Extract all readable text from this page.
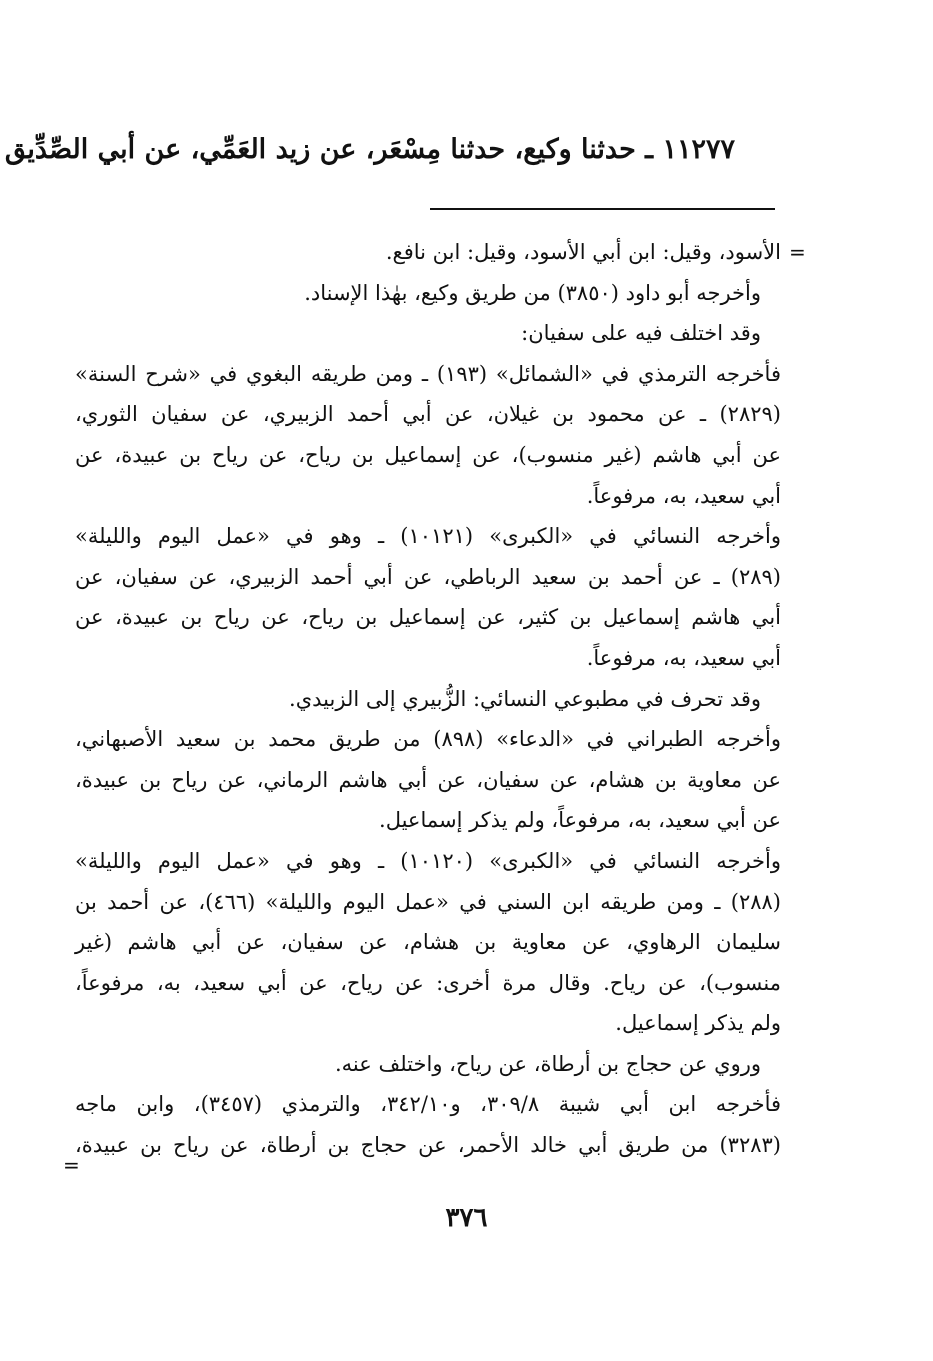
١١٢٧٧ ـ حدثنا وكيع، حدثنا مِسْعَر، عن زيد العَمِّي، عن أبي الصِّدِّيق
=
الأسود، وقيل: ابن أبي الأسود، وقيل: ابن نافع.
وأخرجه أبو داود (٣٨٥٠) من طريق وكيع، بهٰذا الإسناد.
وقد اختلف فيه على سفيان:
فأخرجه الترمذي في «الشمائل» (١٩٣) ـ ومن طريقه البغوي في «شرح السنة»
(٢٨٢٩) ـ عن محمود بن غيلان، عن أبي أحمد الزبيري، عن سفيان الثوري،
عن أبي هاشم (غير منسوب)، عن إسماعيل بن رياح، عن رياح بن عبيدة، عن
أبي سعيد، به، مرفوعاً.
وأخرجه النسائي في «الكبرى» (١٠١٢١) ـ وهو في «عمل اليوم والليلة»
(٢٨٩) ـ عن أحمد بن سعيد الرباطي، عن أبي أحمد الزبيري، عن سفيان، عن
أبي هاشم إسماعيل بن كثير، عن إسماعيل بن رياح، عن رياح بن عبيدة، عن
أبي سعيد، به، مرفوعاً.
وقد تحرف في مطبوعي النسائي: الزُّبيري إلى الزبيدي.
وأخرجه الطبراني في «الدعاء» (٨٩٨) من طريق محمد بن سعيد الأصبهاني،
عن معاوية بن هشام، عن سفيان، عن أبي هاشم الرماني، عن رياح بن عبيدة،
عن أبي سعيد، به، مرفوعاً، ولم يذكر إسماعيل.
وأخرجه النسائي في «الكبرى» (١٠١٢٠) ـ وهو في «عمل اليوم والليلة»
(٢٨٨) ـ ومن طريقه ابن السني في «عمل اليوم والليلة» (٤٦٦)، عن أحمد بن
سليمان الرهاوي، عن معاوية بن هشام، عن سفيان، عن أبي هاشم (غير
منسوب)، عن رياح. وقال مرة أخرى: عن رياح، عن أبي سعيد، به، مرفوعاً،
ولم يذكر إسماعيل.
وروي عن حجاج بن أرطاة، عن رياح، واختلف عنه.
فأخرجه ابن أبي شيبة ٣٠٩/٨، و٣٤٢/١٠، والترمذي (٣٤٥٧)، وابن ماجه
(٣٢٨٣) من طريق أبي خالد الأحمر، عن حجاج بن أرطاة، عن رياح بن عبيدة،
=
٣٧٦
